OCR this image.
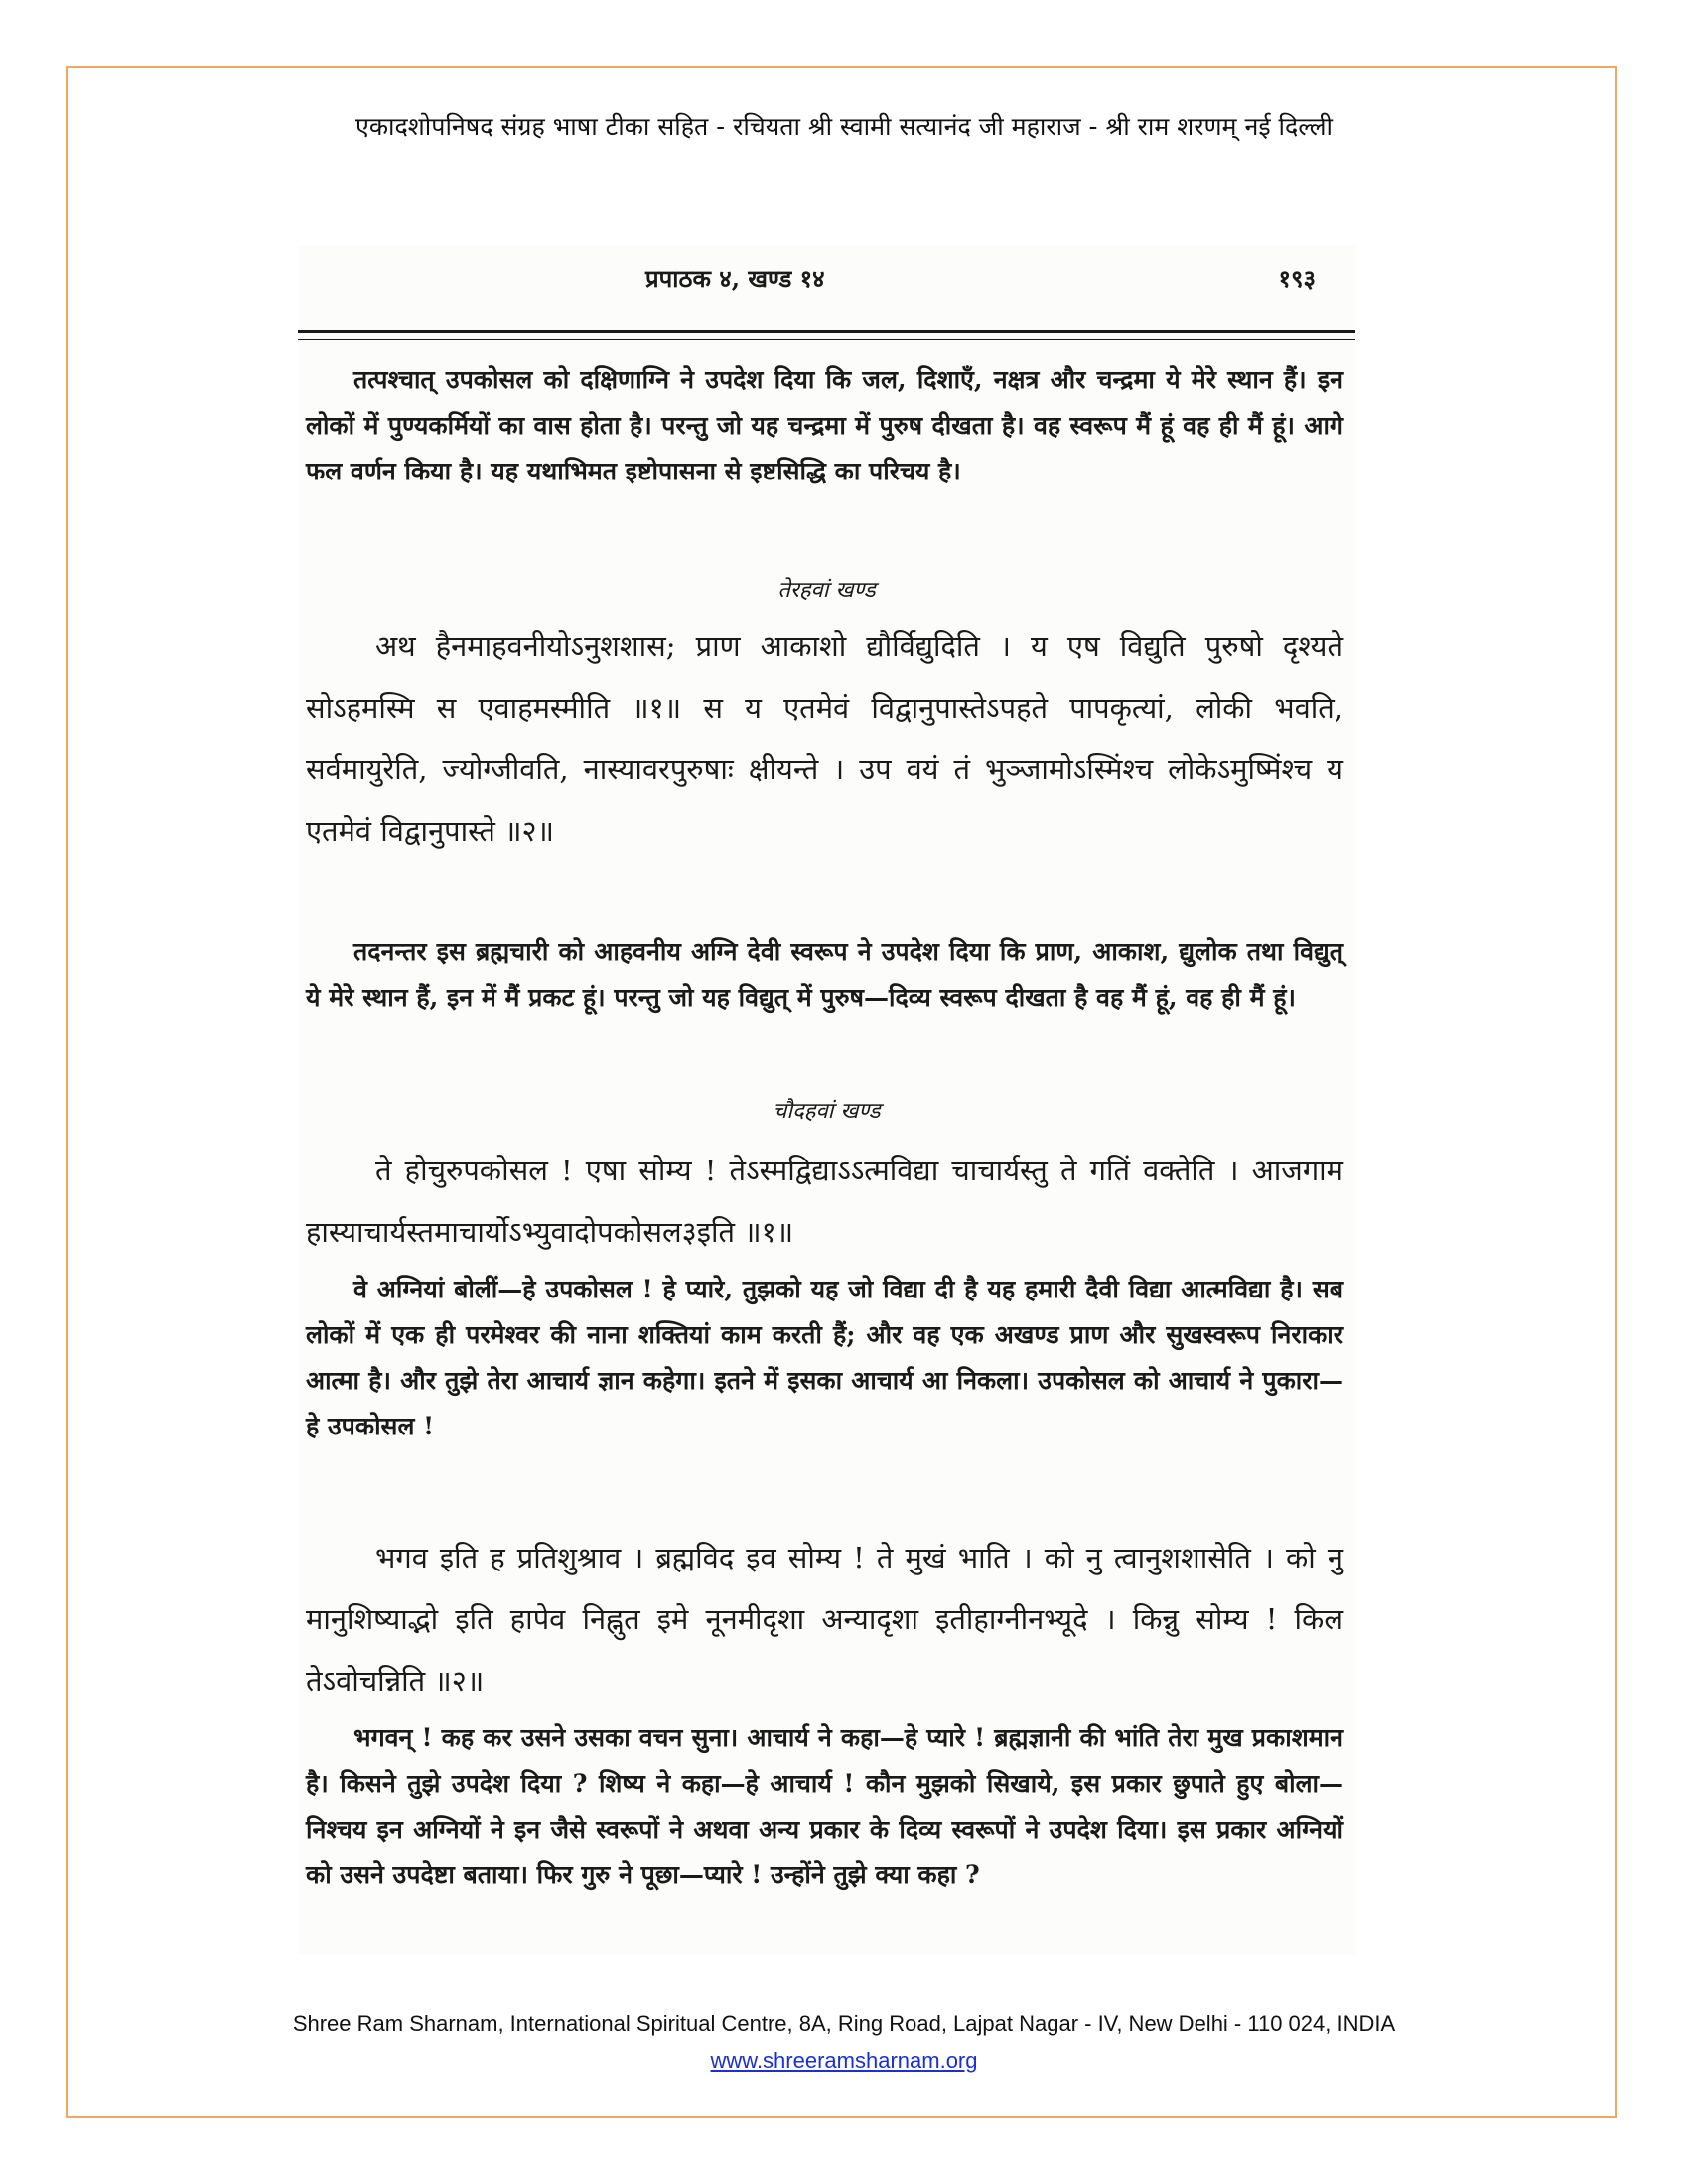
एकादशोपनिषद संग्रह भाषा टीका सहित - रचियता श्री स्वामी सत्यानंद जी महाराज - श्री राम शरणम् नई दिल्ली
प्रपाठक ४, खण्ड १४	१९३

तत्पश्चात् उपकोसल को दक्षिणाग्नि ने उपदेश दिया कि जल, दिशाएँ, नक्षत्र और चन्द्रमा ये मेरे स्थान हैं। इन लोकों में पुण्यकर्मियों का वास होता है। परन्तु जो यह चन्द्रमा में पुरुष दीखता है। वह स्वरूप मैं हूं वह ही मैं हूं। आगे फल वर्णन किया है। यह यथाभिमत इष्टोपासना से इष्टसिद्धि का परिचय है।

तेरहवां खण्ड

अथ हैनमाहवनीयोऽनुशशास; प्राण आकाशो द्यौर्विद्युदिति । य एष विद्युति पुरुषो दृश्यते सोऽहमस्मि स एवाहमस्मीति ॥१॥ स य एतमेवं विद्वानुपास्तेऽपहते पापकृत्यां, लोकी भवति, सर्वमायुरेति, ज्योग्जीवति, नास्यावरपुरुषाः क्षीयन्ते । उप वयं तं भुञ्जामोऽस्मिंश्च लोकेऽमुष्मिंश्च य एतमेवं विद्वानुपास्ते ॥२॥

तदनन्तर इस ब्रह्मचारी को आहवनीय अग्नि देवी स्वरूप ने उपदेश दिया कि प्राण, आकाश, द्युलोक तथा विद्युत् ये मेरे स्थान हैं, इन में मैं प्रकट हूं। परन्तु जो यह विद्युत् में पुरुष—दिव्य स्वरूप दीखता है वह मैं हूं, वह ही मैं हूं।

चौदहवां खण्ड

ते होचुरुपकोसल ! एषा सोम्य ! तेऽस्मद्विद्याऽऽत्मविद्या चाचार्यस्तु ते गतिं वक्तेति । आजगाम हास्याचार्यस्तमाचार्योऽभ्युवादोपकोसल३इति ॥१॥

वे अग्नियां बोलीं—हे उपकोसल ! हे प्यारे, तुझको यह जो विद्या दी है यह हमारी दैवी विद्या आत्मविद्या है। सब लोकों में एक ही परमेश्वर की नाना शक्तियां काम करती हैं; और वह एक अखण्ड प्राण और सुखस्वरूप निराकार आत्मा है। और तुझे तेरा आचार्य ज्ञान कहेगा। इतने में इसका आचार्य आ निकला। उपकोसल को आचार्य ने पुकारा—हे उपकोसल !

भगव इति ह प्रतिशुश्राव । ब्रह्मविद इव सोम्य ! ते मुखं भाति । को नु त्वानुशशासेति । को नु मानुशिष्याद्भो इति हापेव निह्नुत इमे नूनमीदृशा अन्यादृशा इतीहाग्नीनभ्यूदे । किन्नु सोम्य ! किल तेऽवोचन्निति ॥२॥

भगवन् ! कह कर उसने उसका वचन सुना। आचार्य ने कहा—हे प्यारे ! ब्रह्मज्ञानी की भांति तेरा मुख प्रकाशमान है। किसने तुझे उपदेश दिया ? शिष्य ने कहा—हे आचार्य ! कौन मुझको सिखाये, इस प्रकार छुपाते हुए बोला—निश्चय इन अग्नियों ने इन जैसे स्वरूपों ने अथवा अन्य प्रकार के दिव्य स्वरूपों ने उपदेश दिया। इस प्रकार अग्नियों को उसने उपदेष्टा बताया। फिर गुरु ने पूछा—प्यारे ! उन्होंने तुझे क्या कहा ?

Shree Ram Sharnam, International Spiritual Centre, 8A, Ring Road, Lajpat Nagar - IV, New Delhi - 110 024, INDIA
www.shreeramsharnam.org
